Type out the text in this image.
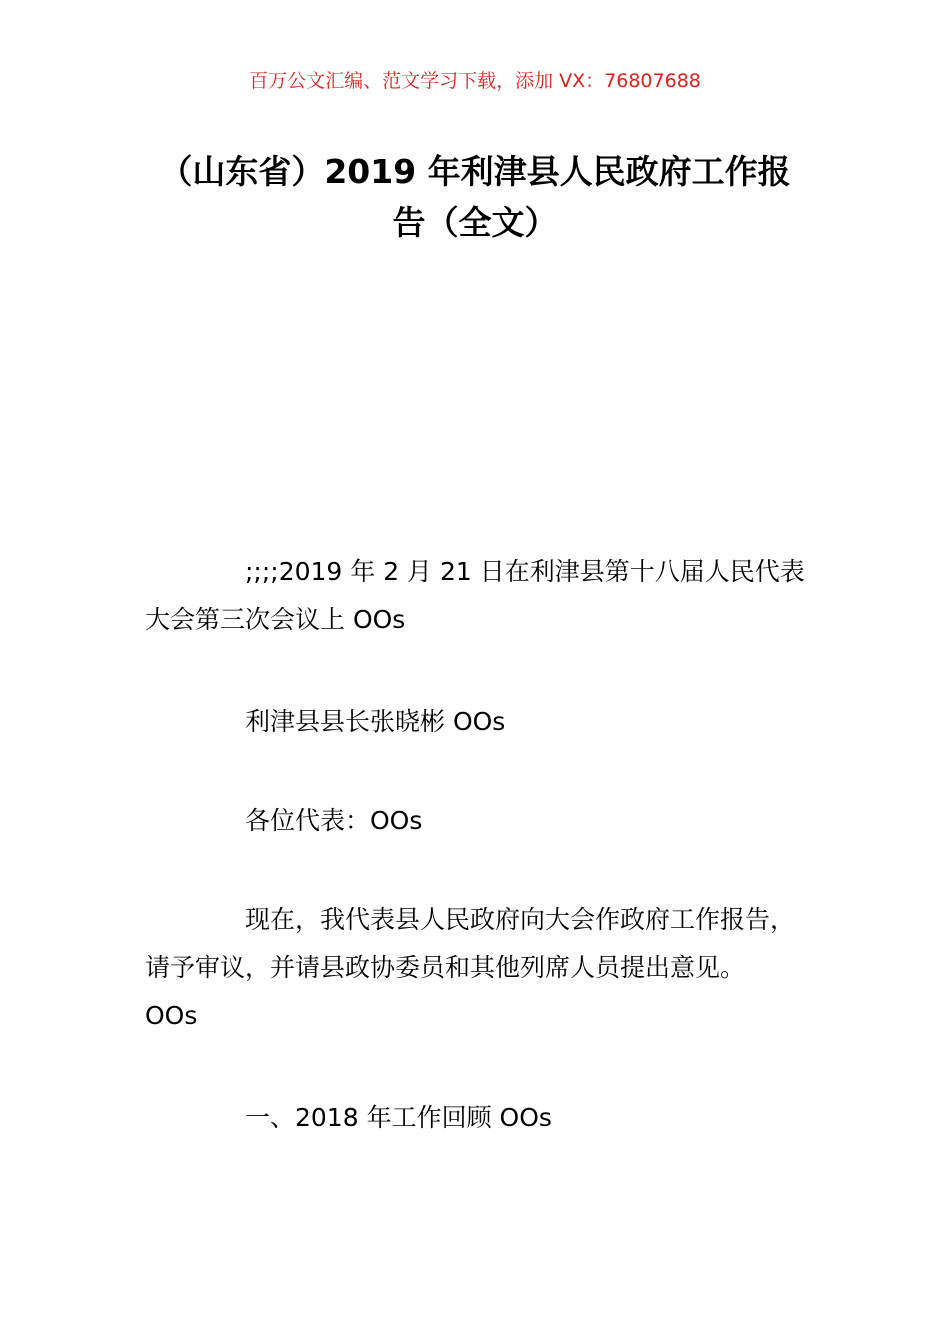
百万公文汇编、范文学习下载，添加 VX：76807688
（山东省）2019 年利津县人民政府工作报
告（全文）
;;;;2019 年 2 月 21 日在利津县第十八届人民代表
大会第三次会议上 OOs
利津县县长张晓彬 OOs
各位代表：OOs
现在，我代表县人民政府向大会作政府工作报告，
请予审议，并请县政协委员和其他列席人员提出意见。
OOs
一、2018 年工作回顾 OOs
